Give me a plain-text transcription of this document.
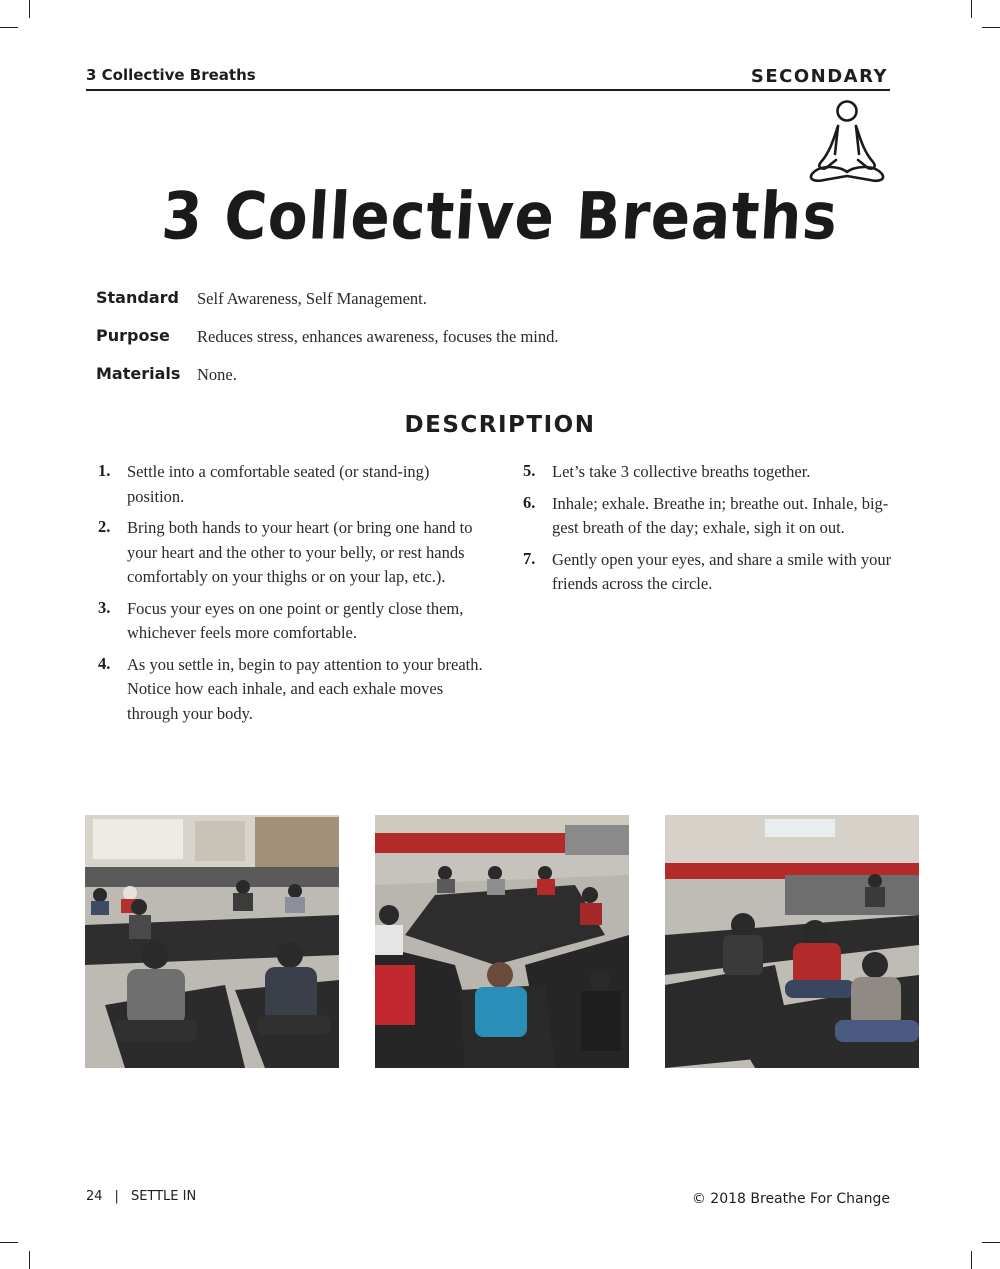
3 Collective Breaths	SECONDARY
3 Collective Breaths
Standard	Self Awareness, Self Management.
Purpose	Reduces stress, enhances awareness, focuses the mind.
Materials	None.
DESCRIPTION
1. Settle into a comfortable seated (or stand-ing) position.
2. Bring both hands to your heart (or bring one hand to your heart and the other to your belly, or rest hands comfortably on your thighs or on your lap, etc.).
3. Focus your eyes on one point or gently close them, whichever feels more comfortable.
4. As you settle in, begin to pay attention to your breath. Notice how each inhale, and each exhale moves through your body.
5. Let’s take 3 collective breaths together.
6. Inhale; exhale. Breathe in; breathe out. Inhale, big-gest breath of the day; exhale, sigh it on out.
7. Gently open your eyes, and share a smile with your friends across the circle.
24 | SETTLE IN	© 2018 Breathe For Change
